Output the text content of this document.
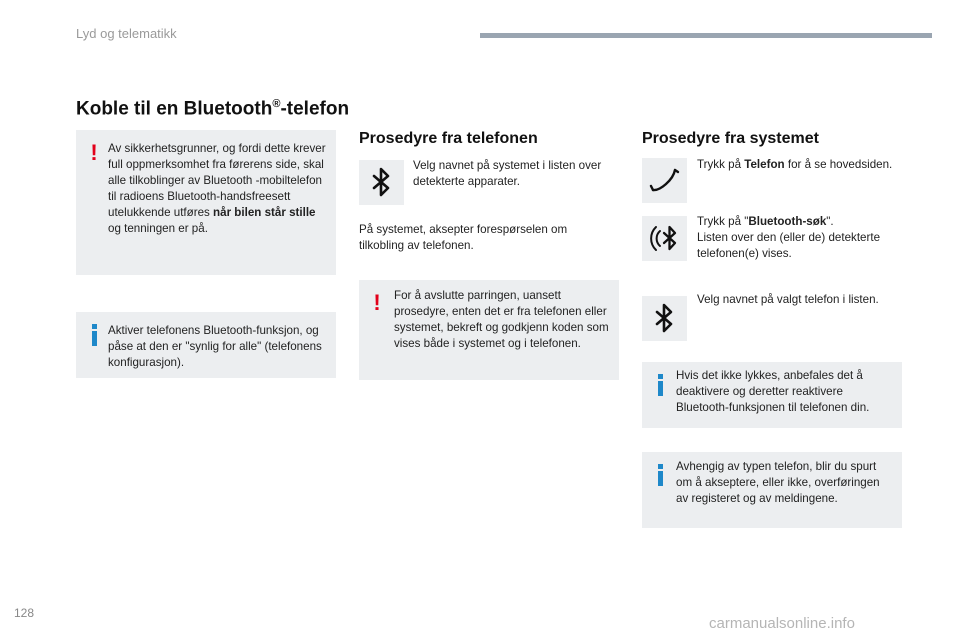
Lyd og telematikk
Koble til en Bluetooth®-telefon
! Av sikkerhetsgrunner, og fordi dette krever full oppmerksomhet fra førerens side, skal alle tilkoblinger av Bluetooth -mobiltelefon til radioens Bluetooth-handsfreesett utelukkende utføres når bilen står stille og tenningen er på.
Aktiver telefonens Bluetooth-funksjon, og påse at den er "synlig for alle" (telefonens konfigurasjon).
Prosedyre fra telefonen
Velg navnet på systemet i listen over detekterte apparater.
På systemet, aksepter forespørselen om tilkobling av telefonen.
! For å avslutte parringen, uansett prosedyre, enten det er fra telefonen eller systemet, bekreft og godkjenn koden som vises både i systemet og i telefonen.
Prosedyre fra systemet
Trykk på Telefon for å se hovedsiden.
Trykk på "Bluetooth-søk".
Listen over den (eller de) detekterte telefonen(e) vises.
Velg navnet på valgt telefon i listen.
Hvis det ikke lykkes, anbefales det å deaktivere og deretter reaktivere Bluetooth-funksjonen til telefonen din.
Avhengig av typen telefon, blir du spurt om å akseptere, eller ikke, overføringen av registeret og av meldingene.
128
carmanualsonline.info
